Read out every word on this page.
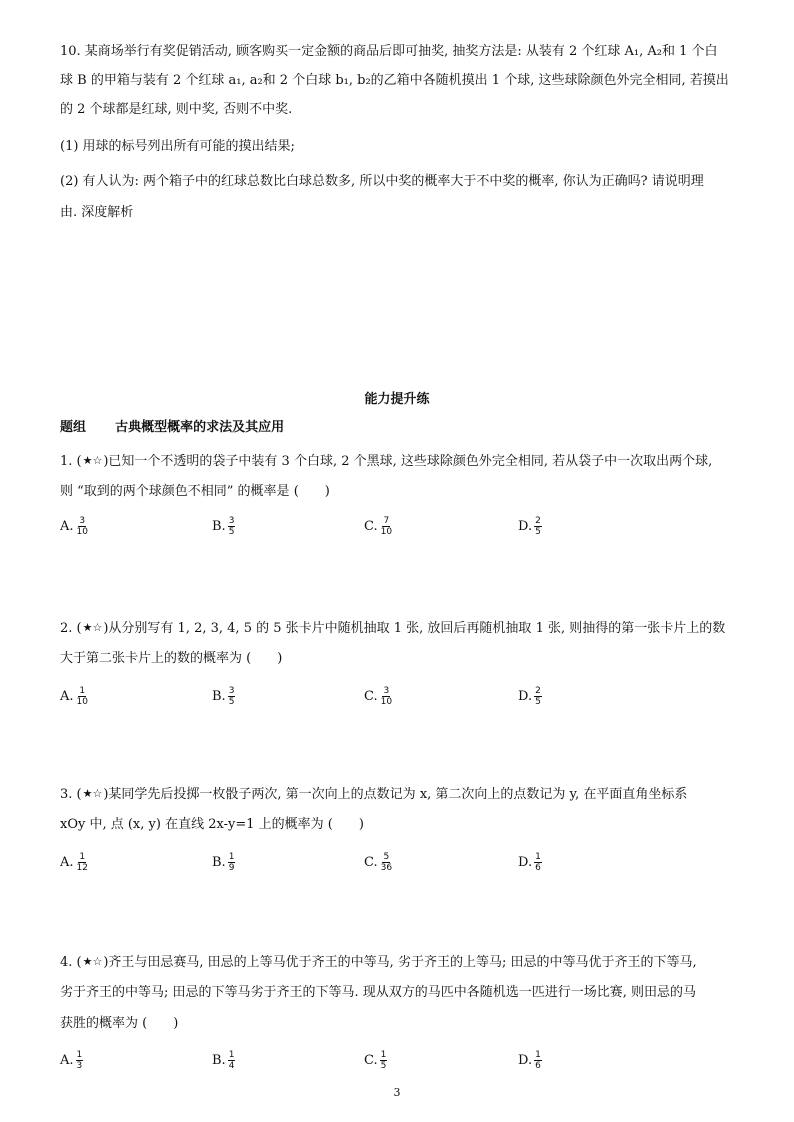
10. 某商场举行有奖促销活动, 顾客购买一定金额的商品后即可抽奖, 抽奖方法是: 从装有 2 个红球 A₁, A₂和 1 个白
球 B 的甲箱与装有 2 个红球 a₁, a₂和 2 个白球 b₁, b₂的乙箱中各随机摸出 1 个球, 这些球除颜色外完全相同, 若摸出
的 2 个球都是红球, 则中奖, 否则不中奖.
(1) 用球的标号列出所有可能的摸出结果;
(2) 有人认为: 两个箱子中的红球总数比白球总数多, 所以中奖的概率大于不中奖的概率, 你认为正确吗? 请说明理
由. 深度解析
能力提升练
题组 古典概型概率的求法及其应用
1. (★☆)已知一个不透明的袋子中装有 3 个白球, 2 个黑球, 这些球除颜色外完全相同, 若从袋子中一次取出两个球,
则 “取到的两个球颜色不相同” 的概率是 (　　)
A. $\frac{3}{10}$	B. $\frac{3}{5}$	C. $\frac{7}{10}$	D. $\frac{2}{5}$
2. (★☆)从分别写有 1, 2, 3, 4, 5 的 5 张卡片中随机抽取 1 张, 放回后再随机抽取 1 张, 则抽得的第一张卡片上的数
大于第二张卡片上的数的概率为 (　　)
A. $\frac{1}{10}$	B. $\frac{3}{5}$	C. $\frac{3}{10}$	D. $\frac{2}{5}$
3. (★☆)某同学先后投掷一枚骰子两次, 第一次向上的点数记为 x, 第二次向上的点数记为 y, 在平面直角坐标系
xOy 中, 点 (x, y) 在直线 2x-y=1 上的概率为 (　　)
A. $\frac{1}{12}$	B. $\frac{1}{9}$	C. $\frac{5}{36}$	D. $\frac{1}{6}$
4. (★☆)齐王与田忌赛马, 田忌的上等马优于齐王的中等马, 劣于齐王的上等马; 田忌的中等马优于齐王的下等马,
劣于齐王的中等马; 田忌的下等马劣于齐王的下等马. 现从双方的马匹中各随机选一匹进行一场比赛, 则田忌的马
获胜的概率为 (　　)
A. $\frac{1}{3}$	B. $\frac{1}{4}$	C. $\frac{1}{5}$	D. $\frac{1}{6}$
3
